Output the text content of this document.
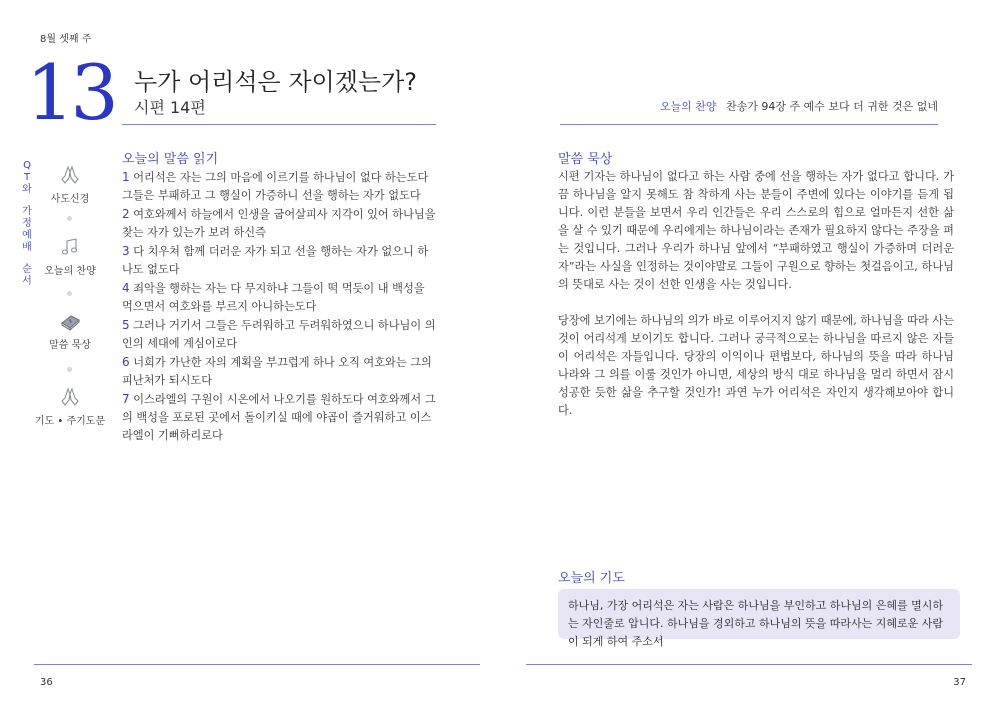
8월 셋째 주
13 누가 어리석은 자이겠는가?
시편 14편	오늘의 찬양 찬송가 94장 주 예수 보다 더 귀한 것은 없네
Q
T
와
가
정
예
배
순
서
사도신경
오늘의 찬양
말씀 묵상
기도 • 주기도문
오늘의 말씀 읽기
1 어리석은 자는 그의 마음에 이르기를 하나님이 없다 하는도다 그들은 부패하고 그 행실이 가증하니 선을 행하는 자가 없도다
2 여호와께서 하늘에서 인생을 굽어살피사 지각이 있어 하나님을 찾는 자가 있는가 보려 하신즉
3 다 치우쳐 함께 더러운 자가 되고 선을 행하는 자가 없으니 하나도 없도다
4 죄악을 행하는 자는 다 무지하냐 그들이 떡 먹듯이 내 백성을 먹으면서 여호와를 부르지 아니하는도다
5 그러나 거기서 그들은 두려워하고 두려워하였으니 하나님이 의인의 세대에 계심이로다
6 너희가 가난한 자의 계획을 부끄럽게 하나 오직 여호와는 그의 피난처가 되시도다
7 이스라엘의 구원이 시온에서 나오기를 원하도다 여호와께서 그의 백성을 포로된 곳에서 돌이키실 때에 야곱이 즐거워하고 이스라엘이 기뻐하리로다
말씀 묵상

시편 기자는 하나님이 없다고 하는 사람 중에 선을 행하는 자가 없다고 합니다. 가끔 하나님을 알지 못해도 참 착하게 사는 분들이 주변에 있다는 이야기를 듣게 됩니다. 이런 분들을 보면서 우리 인간들은 우리 스스로의 힘으로 얼마든지 선한 삶을 살 수 있기 때문에 우리에게는 하나님이라는 존재가 필요하지 않다는 주장을 펴는 것입니다. 그러나 우리가 하나님 앞에서 “부패하였고 행실이 가증하며 더러운 자”라는 사실을 인정하는 것이야말로 그들이 구원으로 향하는 첫걸음이고, 하나님의 뜻대로 사는 것이 선한 인생을 사는 것입니다.

당장에 보기에는 하나님의 의가 바로 이루어지지 않기 때문에, 하나님을 따라 사는 것이 어리석게 보이기도 합니다. 그러나 궁극적으로는 하나님을 따르지 않은 자들이 어리석은 자들입니다. 당장의 이익이나 편법보다, 하나님의 뜻을 따라 하나님 나라와 그 의를 이룰 것인가 아니면, 세상의 방식 대로 하나님을 멀리 하면서 잠시 성공한 듯한 삶을 추구할 것인가! 과연 누가 어리석은 자인지 생각해보아야 합니다.

오늘의 기도
하나님, 가장 어리석은 자는 사람은 하나님을 부인하고 하나님의 은혜를 멸시하는 자인줄로 압니다. 하나님을 경외하고 하나님의 뜻을 따라사는 지혜로운 사람이 되게 하여 주소서
36	37
